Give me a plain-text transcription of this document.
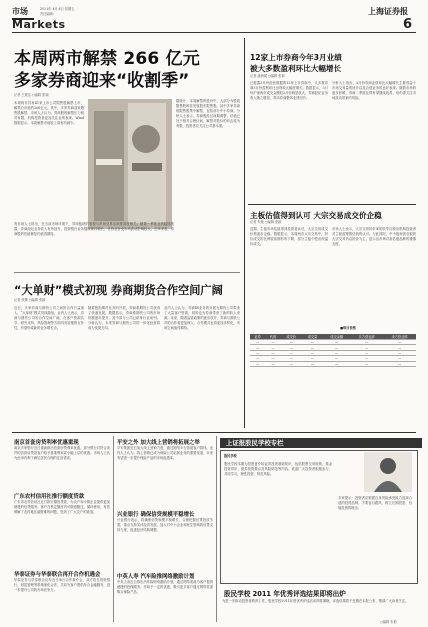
市场
Markets
2011年 4月 8日 星期五
责任编辑:	上海证券报
6
本周两市解禁 266 亿元
多家券商迎来“收割季”
记者 王媛洁 ○编辑 张颖
本周两市共有41家上市公司限售股解禁上市，解禁总市值约266亿元。其中，多家券商迎来限售股解禁，市场人士认为，券商股的解禁压力相对有限，机构投资者更加关注业绩表现。Wind数据显示，本周解禁市值较上周有所减少。
据统计，本周解禁的股份中，大部分为股改限售股和首发原股东限售股。其中多家券商的限售股集中解禁，包括部分中小券商。分析人士表示，券商股经过前期调整，估值已处于相对合理区间，解禁对股价的冲击较为有限，投资者应关注公司基本面。
有市场人士指出，在当前市场环境下，券商板块的表现与市场交易活跃度高度相关。随着一季度业绩陆续披露，券商经纪业务收入有所回升，投资银行业务继续保持增长，自营业务受市场波动影响较大。总体来看，券商股的估值修复仍值得期待。
“大单财”模式初现 券商期货合作空间广阔
记者 张腾 ○编辑 张颖
近日，多家券商与期货公司之间的合作日益深入，“大单财”模式初现端倪。业内人士表示，券商与期货公司的合作空间广阔，在客户资源共享、研究支持、风险管理等方面具有较强的互补性，有望形成新的业务增长点。
随着股指期货业务的开展，券商系期货公司获得了快速发展。数据显示，券商系期货公司的市场份额逐年提升，其中部分公司已跻身行业前列。分析认为，未来券商与期货公司的一体化经营将成为发展方向。
业内人士认为，券商IB业务的开展为期货公司带来了大量客户资源，同时也为券商带来了新的收入来源。未来，随着监管政策的逐步放开，券商与期货公司的合作将更加深入，合作模式也将更加多样化，市场空间值得期待。
12家上市券商今年3月业绩
被大多数盈利环比大幅增长
记者 潘海斌 ○编辑 张颖
已披露3月份经营数据的12家上市券商中，大多数券商3月份盈利环比出现较大幅度增长。数据显示，3月份沪深两市成交金额较2月份明显放大，券商经纪业务收入随之增加，带动券商整体业绩回升。
分析人士指出，3月份券商业绩环比大幅增长主要得益于市场交易量的回升以及自营业务的良好表现。随着市场的逐步回暖，券商二季度业绩有望继续改善，但仍需关注市场波动带来的风险。
主板估值得到认可 大宗交易成交价企稳
记者 朱艳 ○编辑 张颖
近期，主板市场估值得到投资者认可，大宗交易成交价格逐步企稳。数据显示，本周两市大宗交易中，折价成交的比例较前期有所下降，部分主板个股出现溢价成交。
市场人士表示，大宗交易折价率的收窄反映出机构投资者对主板蓝筹股估值的认可。与此同时，中小板和创业板的大宗交易仍以折价为主，显示出市场对高估值品种的谨慎态度。
■每日表格
证券	代码	成交价	成交量	成交金额	买方营业部	卖方营业部
—	—	—	—	—	—	—
—	—	—	—	—	—	—
—	—	—	—	—	—	—
—	—	—	—	—	—	—
—	—	—	—	—	—	—
南京首套房贷利率优惠重现
南京多家银行近日重新推出首套房贷利率优惠，部分银行对符合条件的首套房贷款客户给予基准利率或小幅上浮的优惠，市场人士认为此举有利于满足居民合理的住房需求。
广东农村信用社推行额度贷款
广东省农村信用社近日推行额度贷款，为农户和小微企业提供更加便捷的信贷服务。客户在核定额度内可随借随还，循环使用，有效缓解了农村地区融资难的问题，受到了广大农户的欢迎。
华泰证券与华泰联合再开合作机遇会
华泰证券与华泰联合证券近日举行合作推介会，双方将在投资银行、财富管理等领域深化合作，共同为客户提供综合金融服务，进一步提升公司的市场竞争力。
平安之外 加大线上营销将拓展之举
平安集团近日加大线上营销力度，通过网络平台拓展客户群体。业内人士认为，线上营销已成为保险公司拓展业务的重要渠道，未来有望进一步提升保险产品的市场渗透率。
兴业银行 确保信贷规模平稳增长
兴业银行表示，将确保信贷规模平稳增长，合理把握信贷投放节奏，重点支持实体经济发展，加大对中小企业和民生领域的信贷支持力度，促进经济结构调整。
中英人寿 汽车险推网络激励计划
中英人寿近日推出汽车险网络激励计划，通过网络渠道为客户提供便捷的投保服务，并给予一定的优惠，吸引更多客户通过网络渠道购买保险产品。
上证报股民学校专栏
股民学校
股民学校本期为投资者介绍证券投资基础知识，包括股票交易规则、基金投资常识、债券投资要点及风险防范等内容。欢迎广大投资者积极参与，共同学习，理性投资，防范风险。
专家提示：投资者应根据自身风险承受能力选择合适的投资品种，不要盲目跟风，树立长期投资、价值投资的理念。
股民学校 2011 年优秀评选结果即将出炉
为进一步推动投资者教育工作，股民学校2011年度优秀评选活动即将揭晓，评选结果将于近期在本报公布，敬请广大读者关注。
○编辑 朱艳
